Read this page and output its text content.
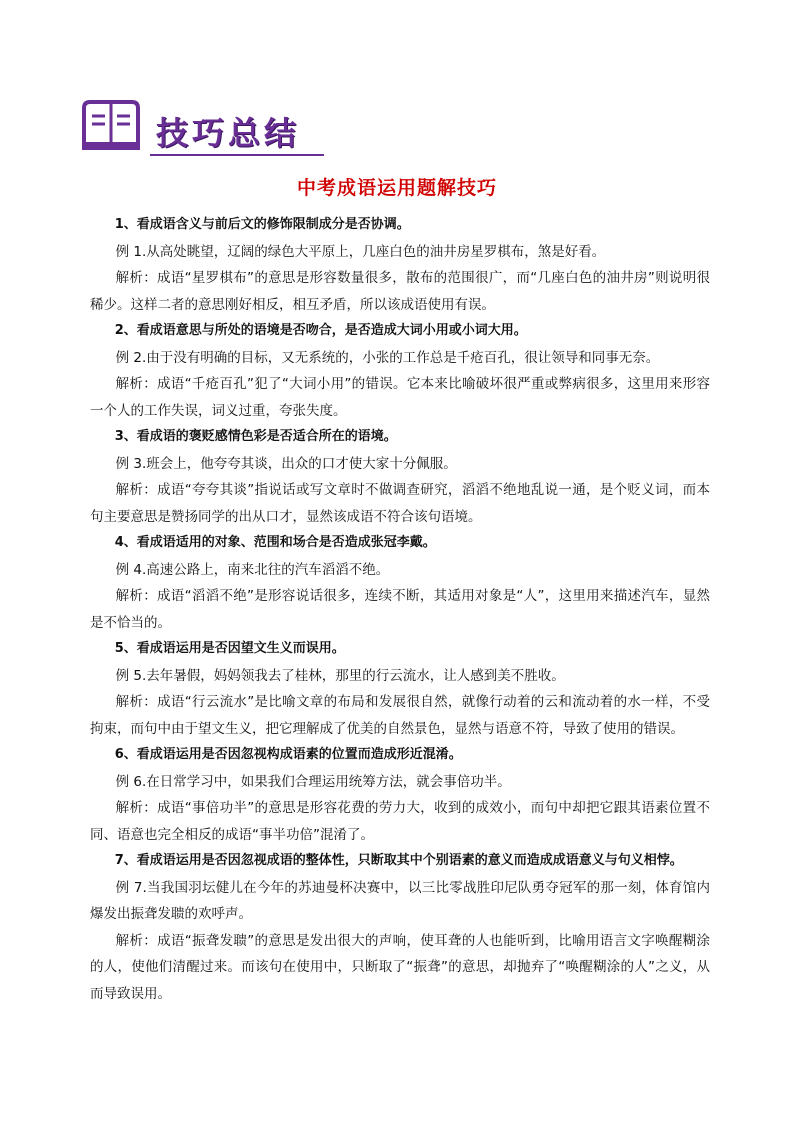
技巧总结
中考成语运用题解技巧

1、看成语含义与前后文的修饰限制成分是否协调。

例 1.从高处眺望，辽阔的绿色大平原上，几座白色的油井房星罗棋布，煞是好看。

解析：成语“星罗棋布”的意思是形容数量很多，散布的范围很广，而“几座白色的油井房”则说明很稀少。这样二者的意思刚好相反，相互矛盾，所以该成语使用有误。

2、看成语意思与所处的语境是否吻合，是否造成大词小用或小词大用。

例 2.由于没有明确的目标，又无系统的，小张的工作总是千疮百孔，很让领导和同事无奈。

解析：成语“千疮百孔”犯了“大词小用”的错误。它本来比喻破坏很严重或弊病很多，这里用来形容一个人的工作失误，词义过重，夸张失度。

3、看成语的褒贬感情色彩是否适合所在的语境。

例 3.班会上，他夸夸其谈，出众的口才使大家十分佩服。

解析：成语“夸夸其谈”指说话或写文章时不做调查研究，滔滔不绝地乱说一通，是个贬义词，而本句主要意思是赞扬同学的出从口才，显然该成语不符合该句语境。

4、看成语适用的对象、范围和场合是否造成张冠李戴。

例 4.高速公路上，南来北往的汽车滔滔不绝。

解析：成语“滔滔不绝”是形容说话很多，连续不断，其适用对象是“人”，这里用来描述汽车，显然是不恰当的。

5、看成语运用是否因望文生义而误用。

例 5.去年暑假，妈妈领我去了桂林，那里的行云流水，让人感到美不胜收。

解析：成语“行云流水”是比喻文章的布局和发展很自然，就像行动着的云和流动着的水一样，不受拘束，而句中由于望文生义，把它理解成了优美的自然景色，显然与语意不符，导致了使用的错误。

6、看成语运用是否因忽视构成语素的位置而造成形近混淆。

例 6.在日常学习中，如果我们合理运用统筹方法，就会事倍功半。

解析：成语“事倍功半”的意思是形容花费的劳力大，收到的成效小，而句中却把它跟其语素位置不同、语意也完全相反的成语“事半功倍”混淆了。

7、看成语运用是否因忽视成语的整体性，只断取其中个别语素的意义而造成成语意义与句义相悖。

例 7.当我国羽坛健儿在今年的苏迪曼杯决赛中，以三比零战胜印尼队勇夺冠军的那一刻，体育馆内爆发出振聋发聩的欢呼声。

解析：成语“振聋发聩”的意思是发出很大的声响，使耳聋的人也能听到，比喻用语言文字唤醒糊涂的人，使他们清醒过来。而该句在使用中，只断取了“振聋”的意思，却抛弃了“唤醒糊涂的人”之义，从而导致误用。
